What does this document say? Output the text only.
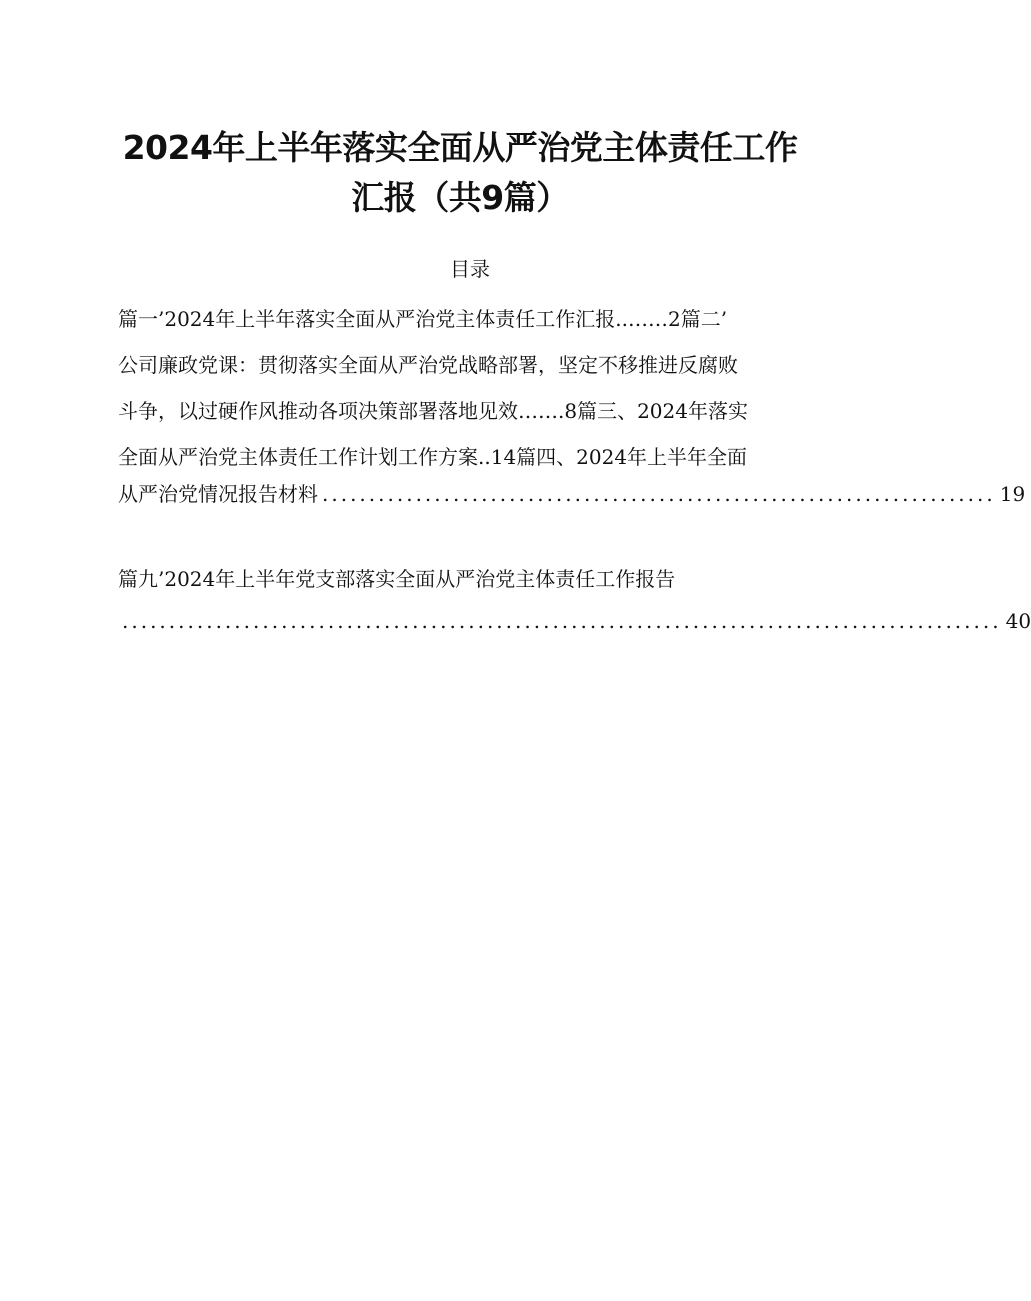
2024年上半年落实全面从严治党主体责任工作
汇报（共9篇）
目录
篇一’2024年上半年落实全面从严治党主体责任工作汇报..……2篇二’
公司廉政党课：贯彻落实全面从严治党战略部署，坚定不移推进反腐败
斗争，以过硬作风推动各项决策部署落地见效…….8篇三、2024年落实
全面从严治党主体责任工作计划工作方案..14篇四、2024年上半年全面
从严治党情况报告材料 ........................................................................ 19
篇九’2024年上半年党支部落实全面从严治党主体责任工作报告
.............................................................................................. 40
